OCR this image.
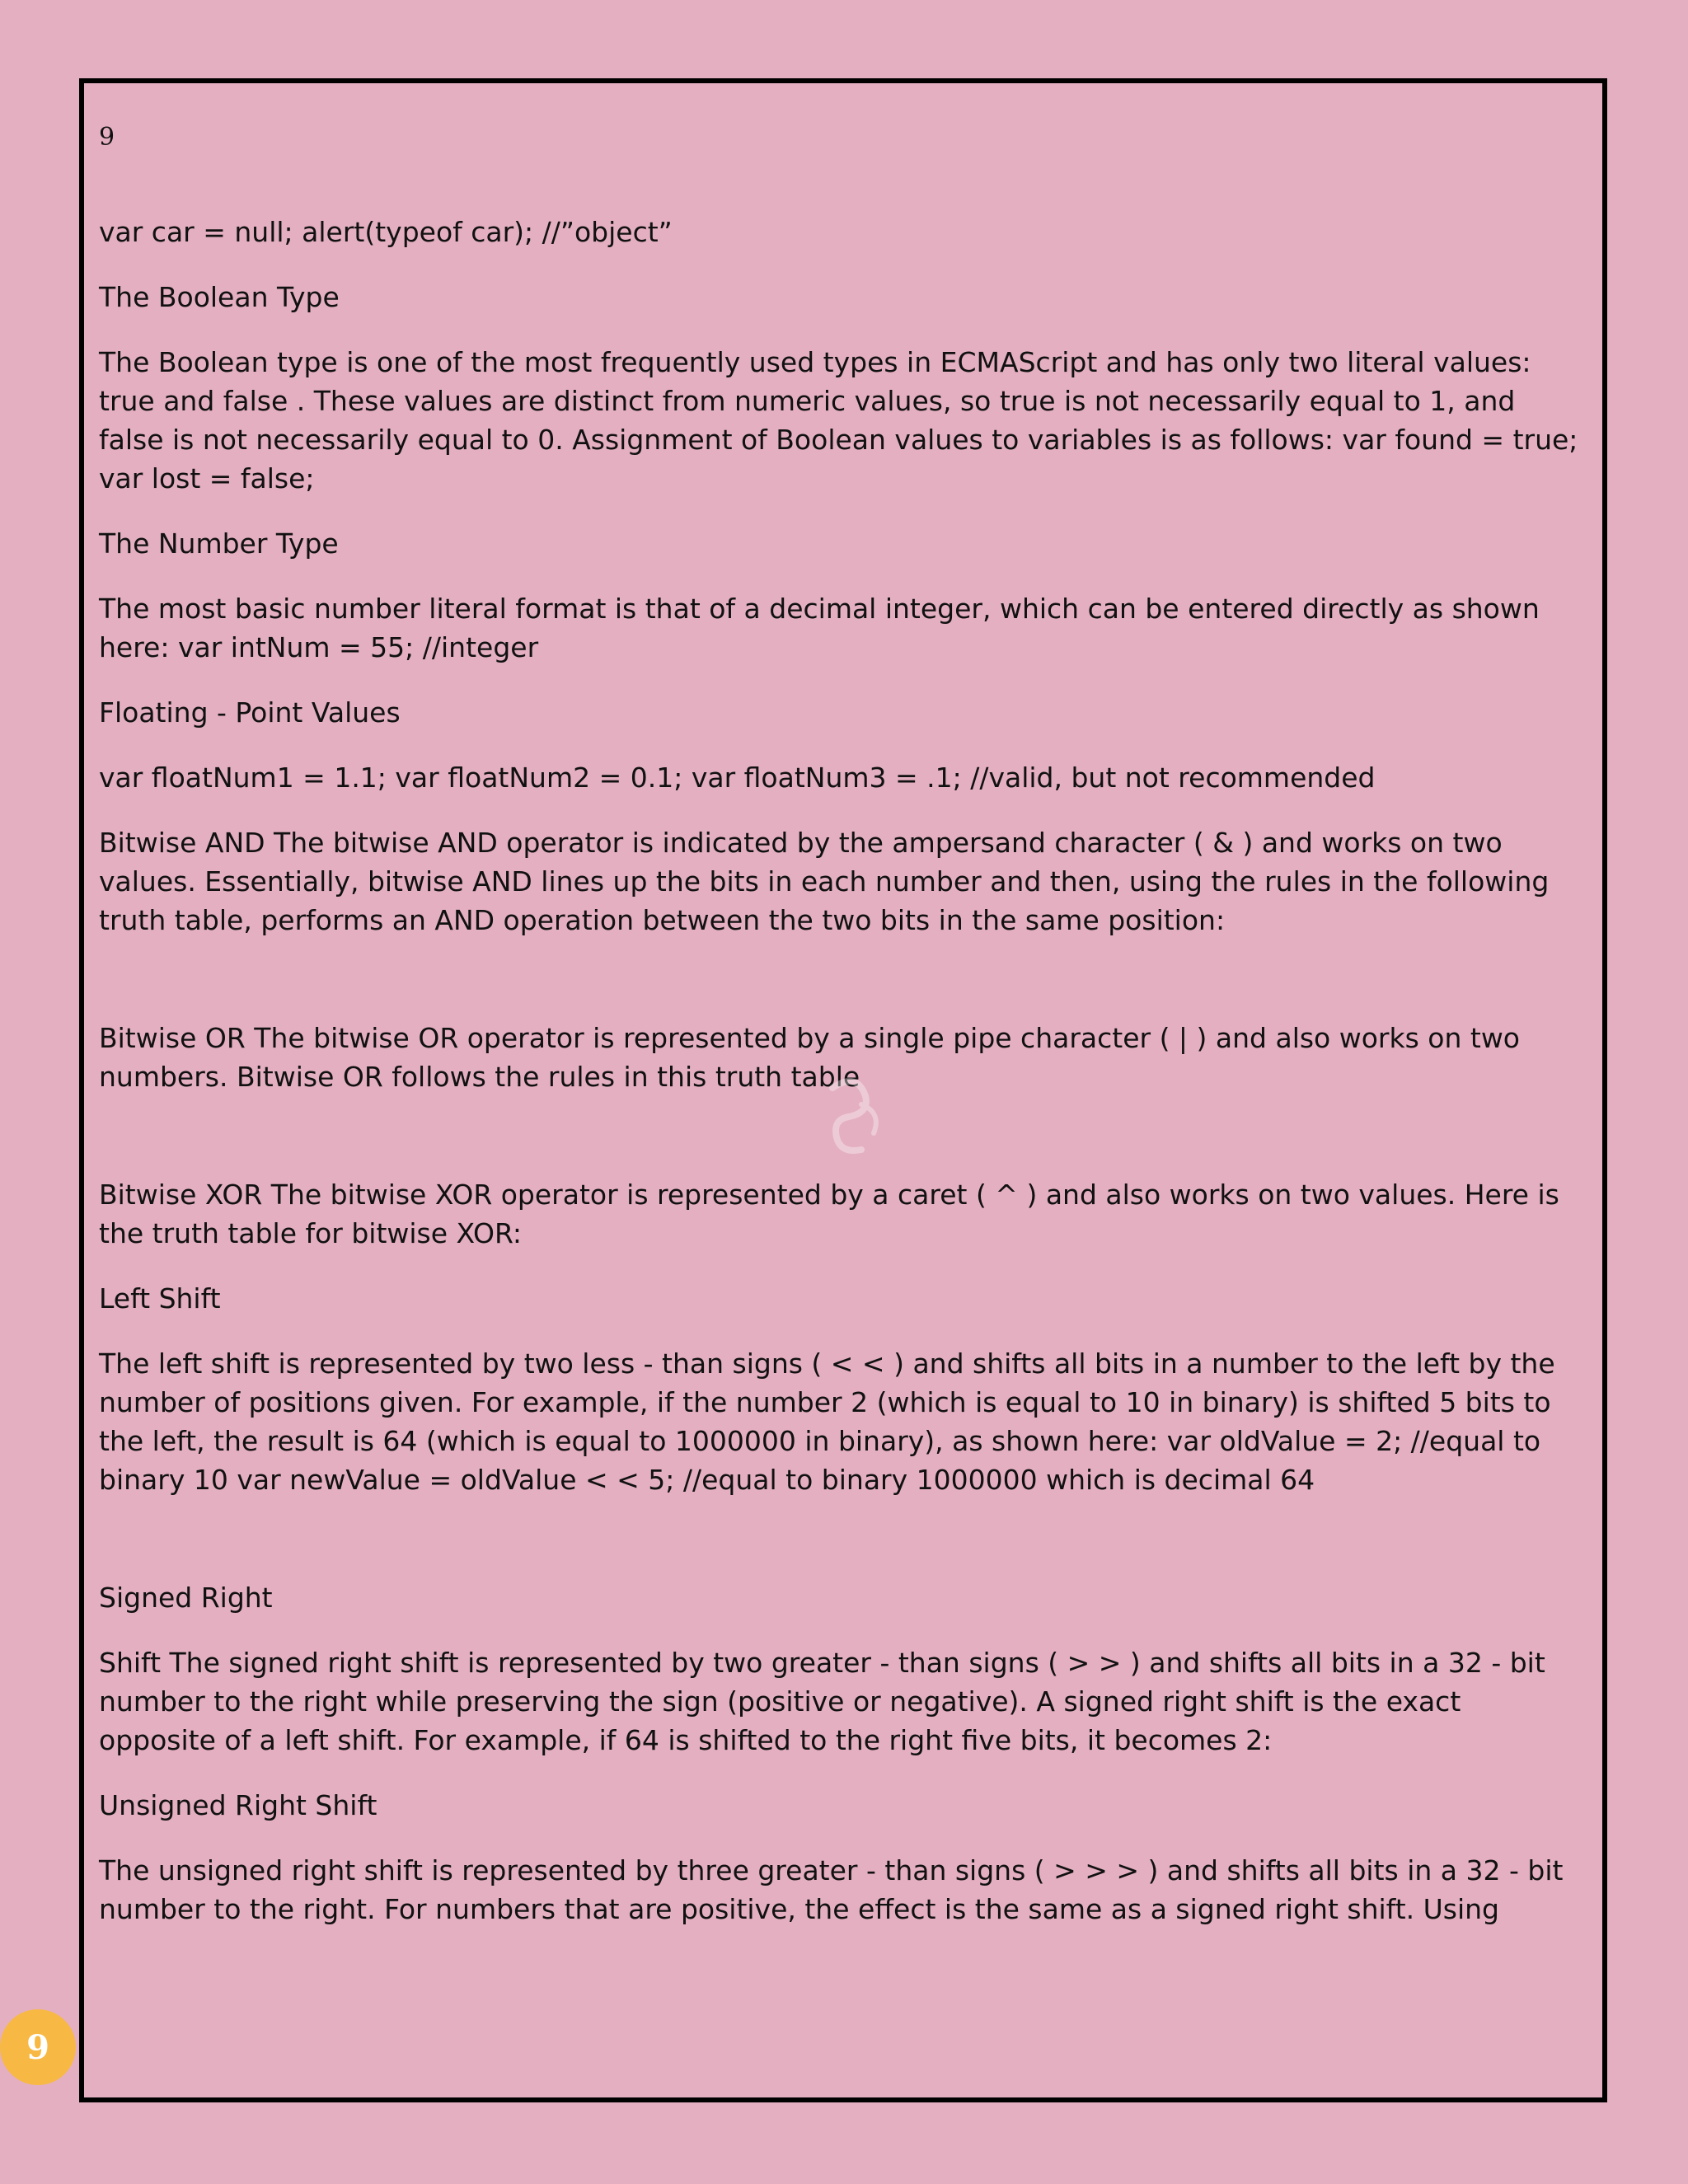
9

var car = null; alert(typeof car); //”object”

The Boolean Type

The Boolean type is one of the most frequently used types in ECMAScript and has only two literal values: true and false . These values are distinct from numeric values, so true is not necessarily equal to 1, and false is not necessarily equal to 0. Assignment of Boolean values to variables is as follows: var found = true; var lost = false;

The Number Type

The most basic number literal format is that of a decimal integer, which can be entered directly as shown here: var intNum = 55; //integer

Floating - Point Values

var floatNum1 = 1.1; var floatNum2 = 0.1; var floatNum3 = .1; //valid, but not recommended

Bitwise AND The bitwise AND operator is indicated by the ampersand character ( & ) and works on two values. Essentially, bitwise AND lines up the bits in each number and then, using the rules in the following truth table, performs an AND operation between the two bits in the same position:

Bitwise OR The bitwise OR operator is represented by a single pipe character ( | ) and also works on two numbers. Bitwise OR follows the rules in this truth table

Bitwise XOR The bitwise XOR operator is represented by a caret ( ^ ) and also works on two values. Here is the truth table for bitwise XOR:

Left Shift

The left shift is represented by two less - than signs ( < < ) and shifts all bits in a number to the left by the number of positions given. For example, if the number 2 (which is equal to 10 in binary) is shifted 5 bits to the left, the result is 64 (which is equal to 1000000 in binary), as shown here: var oldValue = 2; //equal to binary 10 var newValue = oldValue < < 5; //equal to binary 1000000 which is decimal 64

Signed Right

Shift The signed right shift is represented by two greater - than signs ( > > ) and shifts all bits in a 32 - bit number to the right while preserving the sign (positive or negative). A signed right shift is the exact opposite of a left shift. For example, if 64 is shifted to the right five bits, it becomes 2:

Unsigned Right Shift

The unsigned right shift is represented by three greater - than signs ( > > > ) and shifts all bits in a 32 - bit number to the right. For numbers that are positive, the effect is the same as a signed right shift. Using

9
